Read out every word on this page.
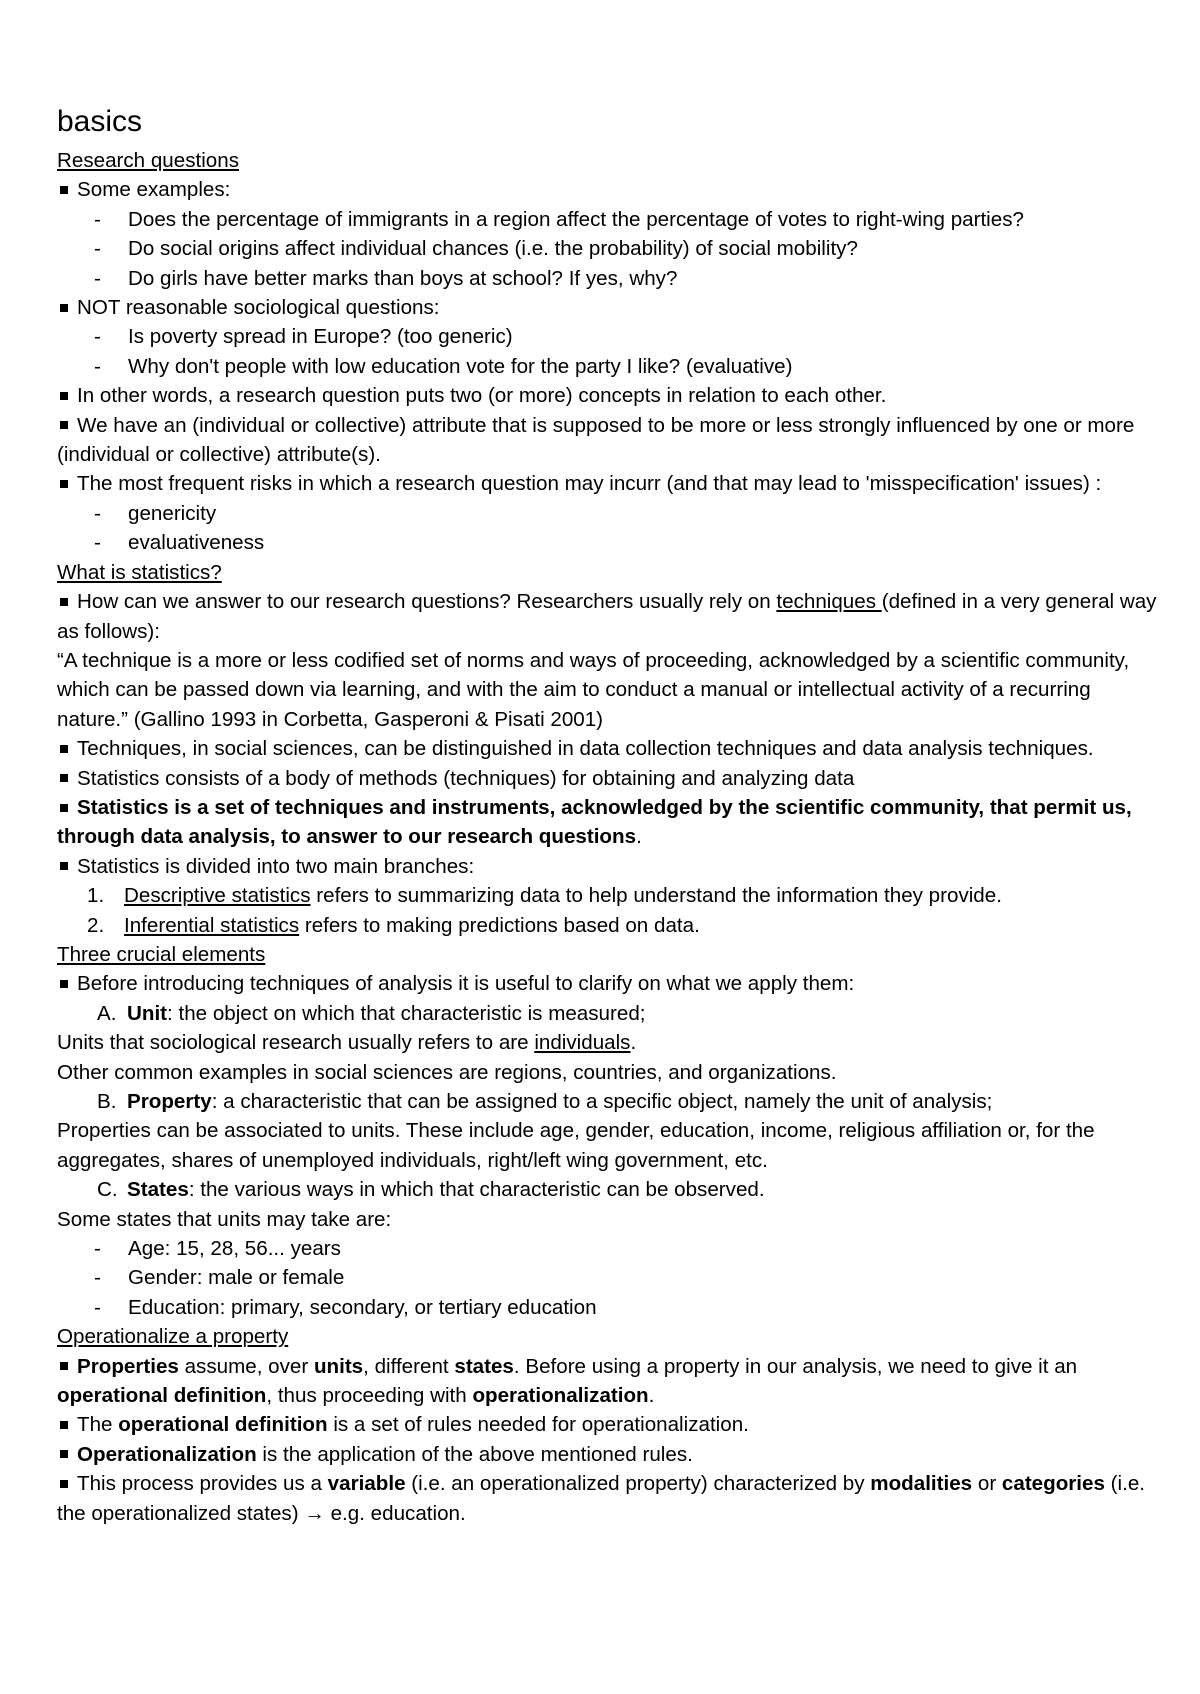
basics

Research questions

Some examples:

- Does the percentage of immigrants in a region affect the percentage of votes to right-wing parties?

- Do social origins affect individual chances (i.e. the probability) of social mobility?

- Do girls have better marks than boys at school? If yes, why?

NOT reasonable sociological questions:

- Is poverty spread in Europe? (too generic)

- Why don't people with low education vote for the party I like? (evaluative)

In other words, a research question puts two (or more) concepts in relation to each other.

We have an (individual or collective) attribute that is supposed to be more or less strongly influenced by one or more (individual or collective) attribute(s).

The most frequent risks in which a research question may incurr (and that may lead to 'misspecification' issues) :

- genericity

- evaluativeness

What is statistics?

How can we answer to our research questions? Researchers usually rely on techniques (defined in a very general way as follows):

“A technique is a more or less codified set of norms and ways of proceeding, acknowledged by a scientific community, which can be passed down via learning, and with the aim to conduct a manual or intellectual activity of a recurring nature.” (Gallino 1993 in Corbetta, Gasperoni & Pisati 2001)

Techniques, in social sciences, can be distinguished in data collection techniques and data analysis techniques.

Statistics consists of a body of methods (techniques) for obtaining and analyzing data

Statistics is a set of techniques and instruments, acknowledged by the scientific community, that permit us, through data analysis, to answer to our research questions.

Statistics is divided into two main branches:

1. Descriptive statistics refers to summarizing data to help understand the information they provide.

2. Inferential statistics refers to making predictions based on data.

Three crucial elements

Before introducing techniques of analysis it is useful to clarify on what we apply them:

A. Unit: the object on which that characteristic is measured;

Units that sociological research usually refers to are individuals.

Other common examples in social sciences are regions, countries, and organizations.

B. Property: a characteristic that can be assigned to a specific object, namely the unit of analysis;

Properties can be associated to units. These include age, gender, education, income, religious affiliation or, for the aggregates, shares of unemployed individuals, right/left wing government, etc.

C. States: the various ways in which that characteristic can be observed.

Some states that units may take are:

- Age: 15, 28, 56... years

- Gender: male or female

- Education: primary, secondary, or tertiary education

Operationalize a property

Properties assume, over units, different states. Before using a property in our analysis, we need to give it an operational definition, thus proceeding with operationalization.

The operational definition is a set of rules needed for operationalization.

Operationalization is the application of the above mentioned rules.

This process provides us a variable (i.e. an operationalized property) characterized by modalities or categories (i.e. the operationalized states) → e.g. education.
